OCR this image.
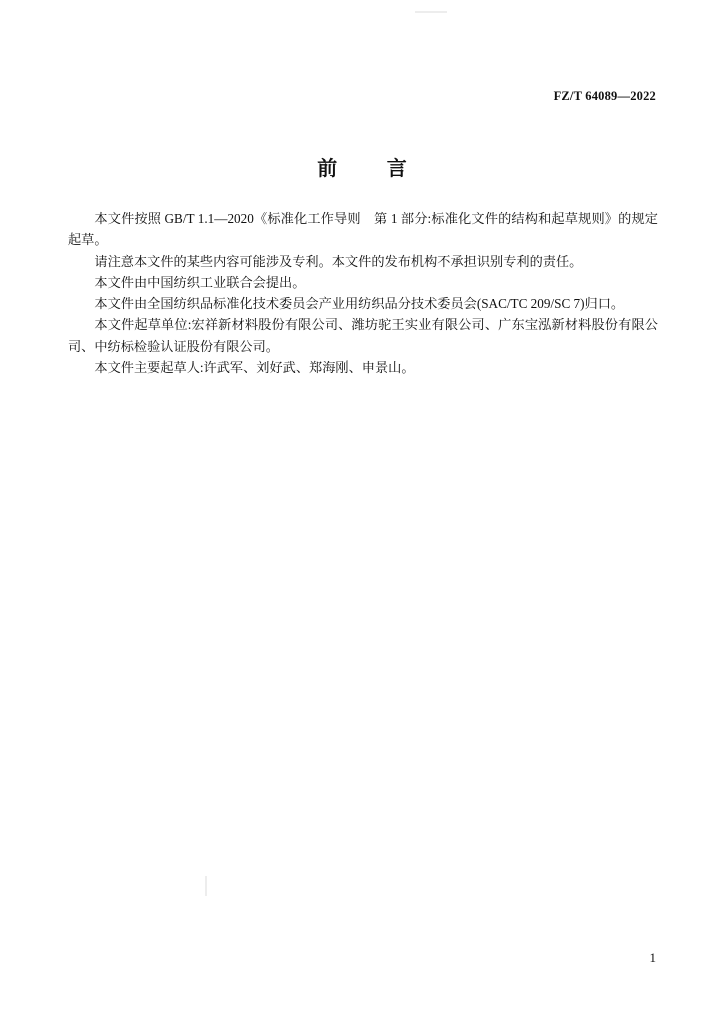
FZ/T 64089—2022
前 言

本文件按照 GB/T 1.1—2020《标准化工作导则　第 1 部分:标准化文件的结构和起草规则》的规定起草。

请注意本文件的某些内容可能涉及专利。本文件的发布机构不承担识别专利的责任。

本文件由中国纺织工业联合会提出。

本文件由全国纺织品标准化技术委员会产业用纺织品分技术委员会(SAC/TC 209/SC 7)归口。

本文件起草单位:宏祥新材料股份有限公司、潍坊驼王实业有限公司、广东宝泓新材料股份有限公司、中纺标检验认证股份有限公司。

本文件主要起草人:许武军、刘好武、郑海刚、申景山。

1
